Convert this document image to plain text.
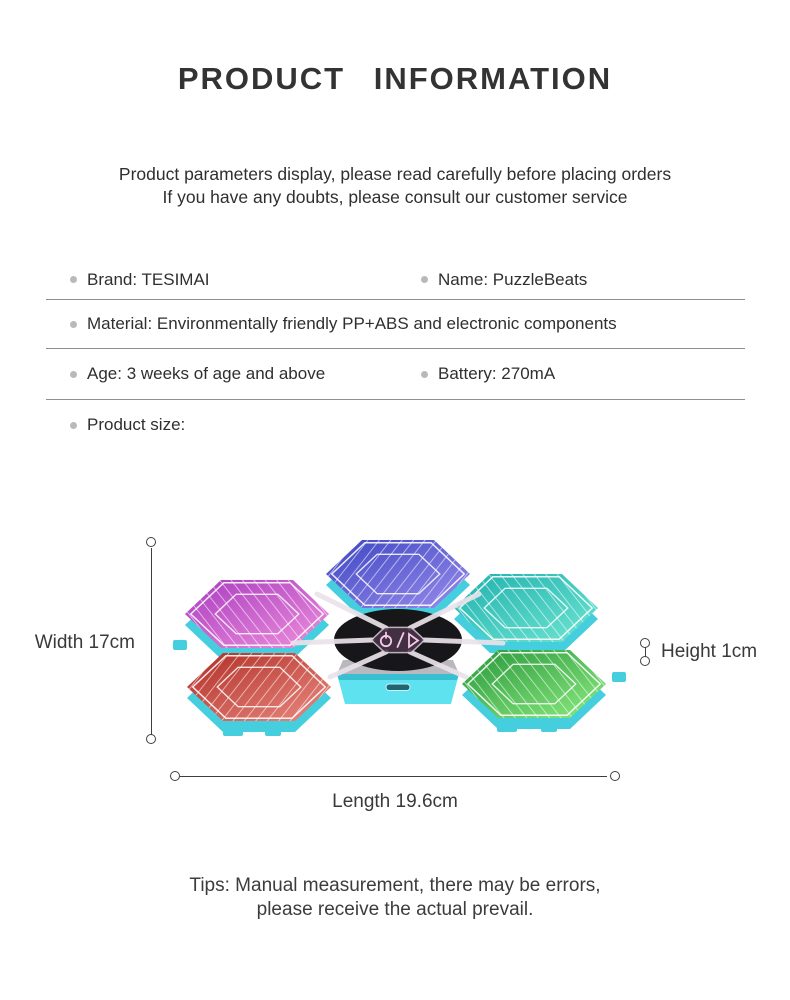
PRODUCT INFORMATION
Product parameters display, please read carefully before placing orders
If you have any doubts, please consult our customer service
Brand: TESIMAI	Name: PuzzleBeats
Material: Environmentally friendly PP+ABS and electronic components
Age: 3 weeks of age and above	Battery: 270mA
Product size:
Width 17cm	Height 1cm
Length 19.6cm
Tips: Manual measurement, there may be errors,
please receive the actual prevail.
